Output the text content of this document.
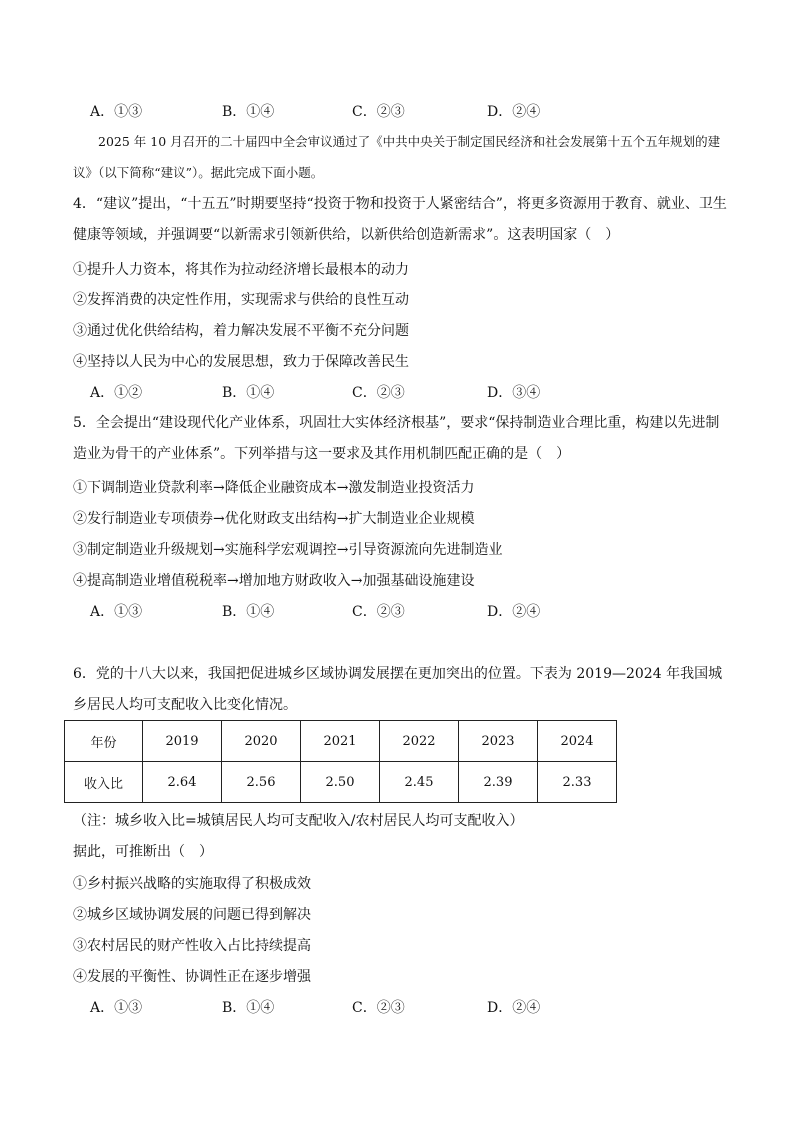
A．①③	B．①④	C．②③	D．②④
2025 年 10 月召开的二十届四中全会审议通过了《中共中央关于制定国民经济和社会发展第十五个五年规划的建议》（以下简称“建议”）。据此完成下面小题。
4．“建议”提出，“十五五”时期要坚持“投资于物和投资于人紧密结合”，将更多资源用于教育、就业、卫生健康等领域，并强调要“以新需求引领新供给，以新供给创造新需求”。这表明国家（　）
①提升人力资本，将其作为拉动经济增长最根本的动力
②发挥消费的决定性作用，实现需求与供给的良性互动
③通过优化供给结构，着力解决发展不平衡不充分问题
④坚持以人民为中心的发展思想，致力于保障改善民生
A．①②	B．①④	C．②③	D．③④
5．全会提出“建设现代化产业体系，巩固壮大实体经济根基”，要求“保持制造业合理比重，构建以先进制造业为骨干的产业体系”。下列举措与这一要求及其作用机制匹配正确的是（　）
①下调制造业贷款利率→降低企业融资成本→激发制造业投资活力
②发行制造业专项债券→优化财政支出结构→扩大制造业企业规模
③制定制造业升级规划→实施科学宏观调控→引导资源流向先进制造业
④提高制造业增值税税率→增加地方财政收入→加强基础设施建设
A．①③	B．①④	C．②③	D．②④
6．党的十八大以来，我国把促进城乡区域协调发展摆在更加突出的位置。下表为 2019—2024 年我国城乡居民人均可支配收入比变化情况。
年份	2019	2020	2021	2022	2023	2024
收入比	2.64	2.56	2.50	2.45	2.39	2.33
（注：城乡收入比=城镇居民人均可支配收入/农村居民人均可支配收入）
据此，可推断出（　）
①乡村振兴战略的实施取得了积极成效
②城乡区域协调发展的问题已得到解决
③农村居民的财产性收入占比持续提高
④发展的平衡性、协调性正在逐步增强
A．①③	B．①④	C．②③	D．②④
